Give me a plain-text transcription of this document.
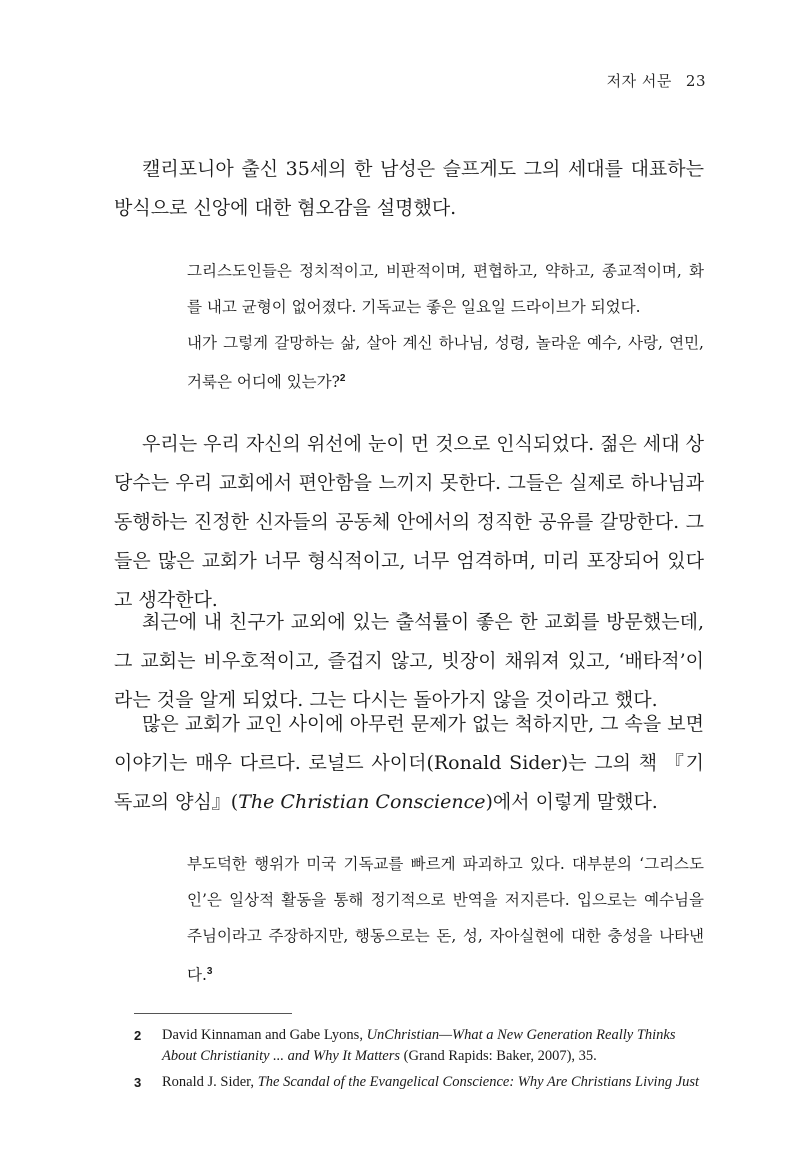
저자 서문 23

캘리포니아 출신 35세의 한 남성은 슬프게도 그의 세대를 대표하는 방식으로 신앙에 대한 혐오감을 설명했다.

그리스도인들은 정치적이고, 비판적이며, 편협하고, 약하고, 종교적이며, 화를 내고 균형이 없어졌다. 기독교는 좋은 일요일 드라이브가 되었다.

내가 그렇게 갈망하는 삶, 살아 계신 하나님, 성령, 놀라운 예수, 사랑, 연민, 거룩은 어디에 있는가?$^2$

우리는 우리 자신의 위선에 눈이 먼 것으로 인식되었다. 젊은 세대 상당수는 우리 교회에서 편안함을 느끼지 못한다. 그들은 실제로 하나님과 동행하는 진정한 신자들의 공동체 안에서의 정직한 공유를 갈망한다. 그들은 많은 교회가 너무 형식적이고, 너무 엄격하며, 미리 포장되어 있다고 생각한다.

최근에 내 친구가 교외에 있는 출석률이 좋은 한 교회를 방문했는데, 그 교회는 비우호적이고, 즐겁지 않고, 빗장이 채워져 있고, ‘배타적’이라는 것을 알게 되었다. 그는 다시는 돌아가지 않을 것이라고 했다.

많은 교회가 교인 사이에 아무런 문제가 없는 척하지만, 그 속을 보면 이야기는 매우 다르다. 로널드 사이더(Ronald Sider)는 그의 책 『기독교의 양심』(The Christian Conscience)에서 이렇게 말했다.

부도덕한 행위가 미국 기독교를 빠르게 파괴하고 있다. 대부분의 ‘그리스도인’은 일상적 활동을 통해 정기적으로 반역을 저지른다. 입으로는 예수님을 주님이라고 주장하지만, 행동으로는 돈, 성, 자아실현에 대한 충성을 나타낸다.$^3$

2 David Kinnaman and Gabe Lyons, UnChristian—What a New Generation Really Thinks About Christianity ... and Why It Matters (Grand Rapids: Baker, 2007), 35.
3 Ronald J. Sider, The Scandal of the Evangelical Conscience: Why Are Christians Living Just
